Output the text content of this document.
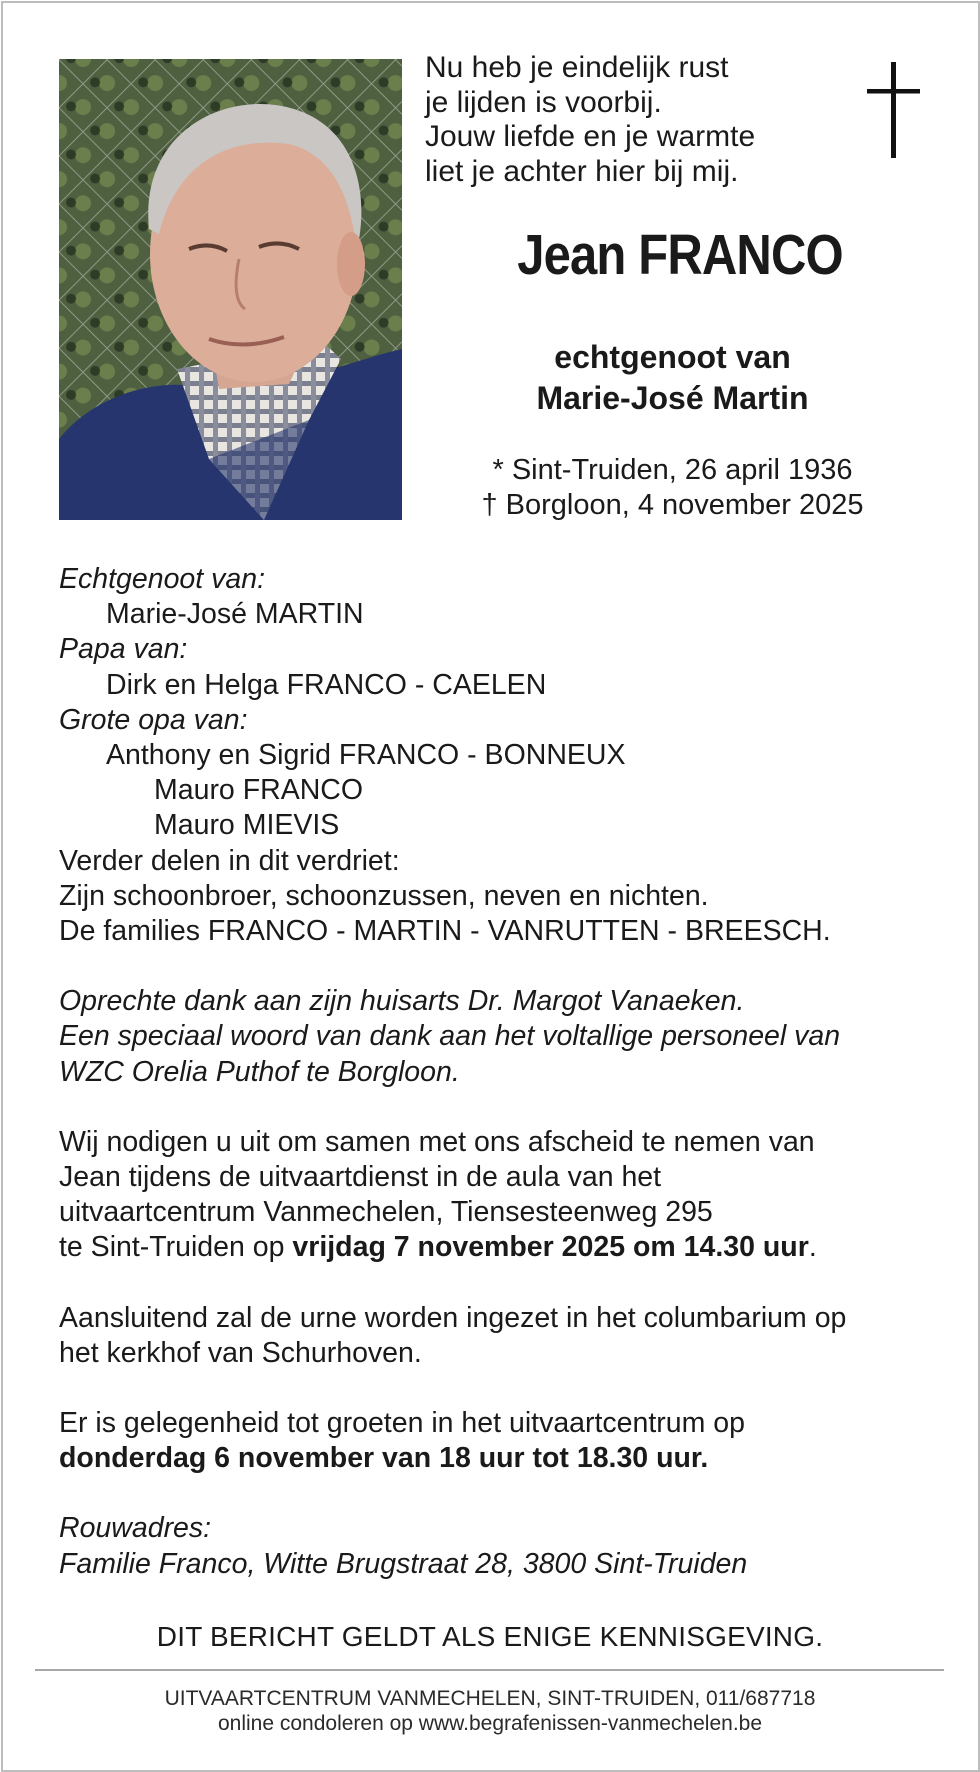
Nu heb je eindelijk rust
je lijden is voorbij.
Jouw liefde en je warmte
liet je achter hier bij mij.
Jean FRANCO
echtgenoot van
Marie-José Martin
* Sint-Truiden, 26 april 1936
† Borgloon, 4 november 2025
Echtgenoot van:
Marie-José MARTIN
Papa van:
Dirk en Helga FRANCO - CAELEN
Grote opa van:
Anthony en Sigrid FRANCO - BONNEUX
Mauro FRANCO
Mauro MIEVIS
Verder delen in dit verdriet:
Zijn schoonbroer, schoonzussen, neven en nichten.
De families FRANCO - MARTIN - VANRUTTEN - BREESCH.
Oprechte dank aan zijn huisarts Dr. Margot Vanaeken.
Een speciaal woord van dank aan het voltallige personeel van
WZC Orelia Puthof te Borgloon.
Wij nodigen u uit om samen met ons afscheid te nemen van
Jean tijdens de uitvaartdienst in de aula van het
uitvaartcentrum Vanmechelen, Tiensesteenweg 295
te Sint-Truiden op vrijdag 7 november 2025 om 14.30 uur.
Aansluitend zal de urne worden ingezet in het columbarium op
het kerkhof van Schurhoven.
Er is gelegenheid tot groeten in het uitvaartcentrum op
donderdag 6 november van 18 uur tot 18.30 uur.
Rouwadres:
Familie Franco, Witte Brugstraat 28, 3800 Sint-Truiden
DIT BERICHT GELDT ALS ENIGE KENNISGEVING.
UITVAARTCENTRUM VANMECHELEN, SINT-TRUIDEN, 011/687718
online condoleren op www.begrafenissen-vanmechelen.be
